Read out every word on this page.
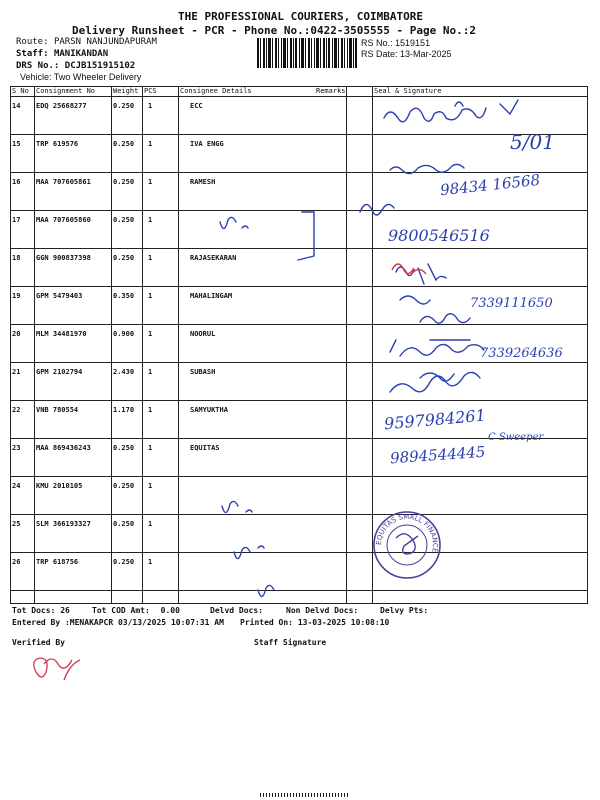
THE PROFESSIONAL COURIERS, COIMBATORE
Delivery Runsheet - PCR - Phone No.:0422-3505555 - Page No.:2
Route: PARSN NANJUNDAPURAM
Staff: MANIKANDAN
DRS No.: DCJB151915102
Vehicle: Two Wheeler Delivery
RS No.: 1519151
RS Date: 13-Mar-2025
S No Consignment No	Weight PCS	Consignee Details	Remarks	Seal & Signature
14 EDQ 25668277	0.250 1	ECC
15 TRP 619576	0.250 1	IVA ENGG
16 MAA 707605861	0.250 1	RAMESH
17 MAA 707605860	0.250 1
18 GGN 900837398	0.250 1	RAJASEKARAN
19 GPM 5479403	0.350 1	MAHALINGAM
20 MLM 34481970	0.900 1	NOORUL
21 GPM 2102794	2.430 1	SUBASH
22 VNB 780554	1.170 1	SAMYUKTHA
23 MAA 869436243	0.250 1	EQUITAS
24 KMU 2010105	0.250 1
25 SLM 366193327	0.250 1
26 TRP 618756	0.250 1
5/01
98434 16568
9800546516
7339111650
7339264636
9597984261
C Sweeper
9894544445
EQUITAS SMALL FINANCE
Tot Docs: 26	Tot COD Amt: 0.00	Delvd Docs:	Non Delvd Docs:	Delvy Pts:
Entered By :MENAKAPCR 03/13/2025 10:07:31 AM Printed On: 13-03-2025 10:08:10
Verified By	Staff Signature
